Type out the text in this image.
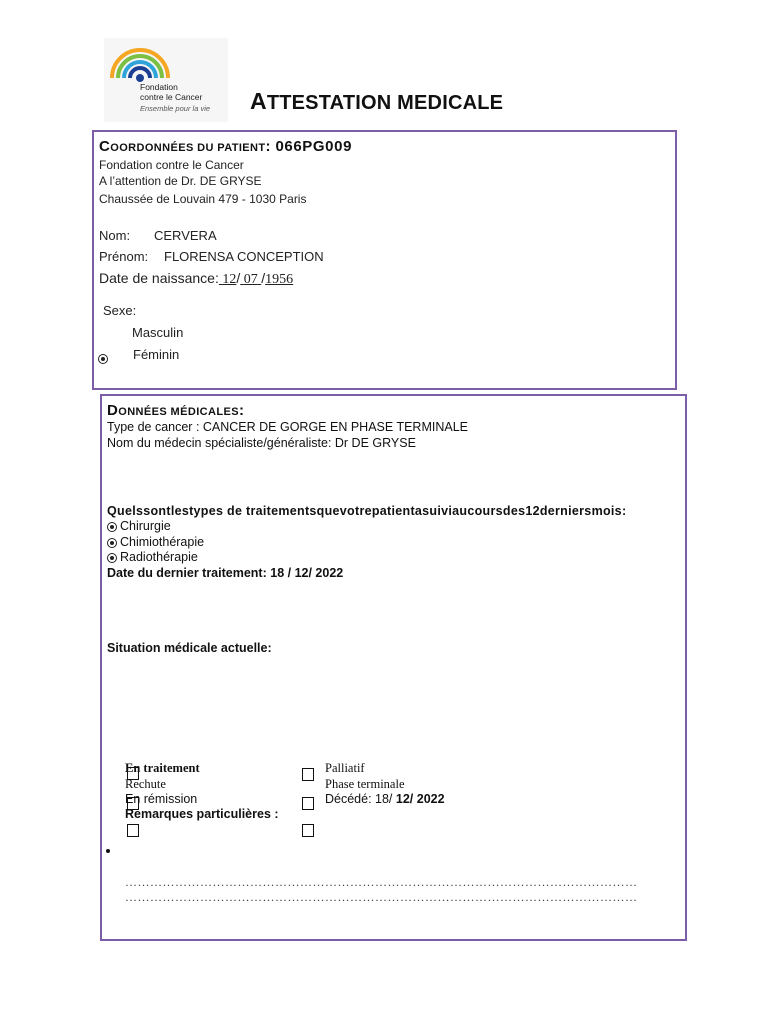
Fondation
contre le Cancer
Ensemble pour la vie ATTESTATION MEDICALE
COORDONNÉES DU PATIENT: 066PG009
Fondation contre le Cancer
A l’attention de Dr. DE GRYSE
Chaussée de Louvain 479 - 1030 Paris
Nom: CERVERA
Prénom: FLORENSA CONCEPTION
Date de naissance: 12/ 07 /1956
Sexe:
Masculin
Féminin
DONNÉES MÉDICALES:
Type de cancer : CANCER DE GORGE EN PHASE TERMINALE
Nom du médecin spécialiste/généraliste: Dr DE GRYSE
Quelssontlestypes de traitementsquevotrepatientasuiviaucoursdes12derniersmois:
Chirurgie
Chimiothérapie
Radiothérapie
Date du dernier traitement: 18 / 12/ 2022
Situation médicale actuelle:
En traitement
Rechute
En rémission
Remarques particulières :
Palliatif
Phase terminale
Décédé: 18/ 12/ 2022
……………………………………………………………………………………………………………
……………………………………………………………………………………………………………
